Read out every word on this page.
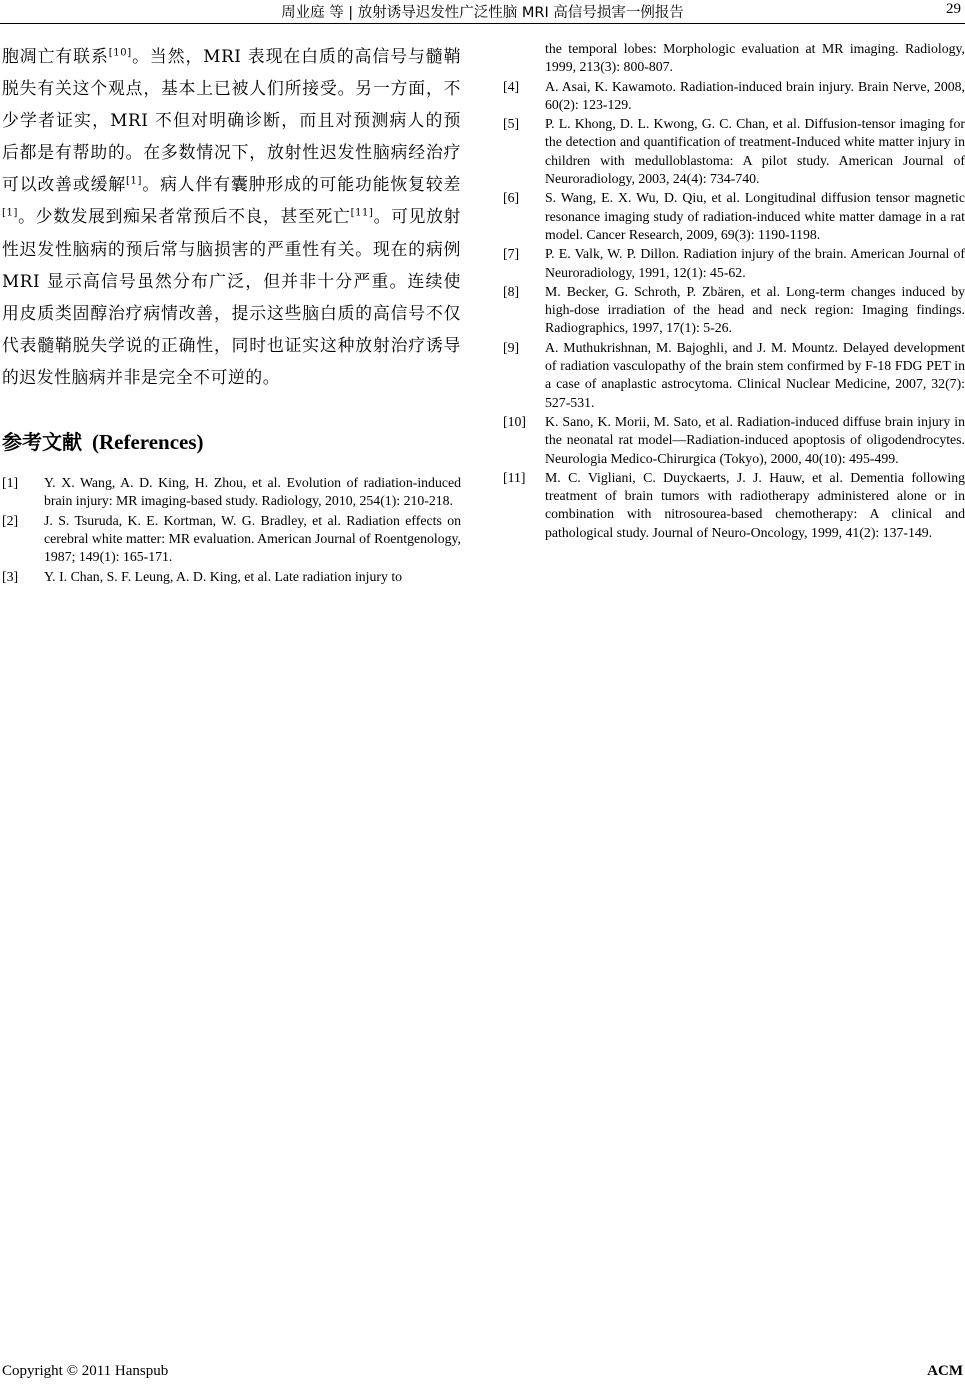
周业庭 等 | 放射诱导迟发性广泛性脑 MRI 高信号损害一例报告	29

胞凋亡有联系[10]。当然，MRI 表现在白质的高信号与髓鞘脱失有关这个观点，基本上已被人们所接受。另一方面，不少学者证实，MRI 不但对明确诊断，而且对预测病人的预后都是有帮助的。在多数情况下，放射性迟发性脑病经治疗可以改善或缓解[1]。病人伴有囊肿形成的可能功能恢复较差[1]。少数发展到痴呆者常预后不良，甚至死亡[11]。可见放射性迟发性脑病的预后常与脑损害的严重性有关。现在的病例 MRI 显示高信号虽然分布广泛，但并非十分严重。连续使用皮质类固醇治疗病情改善，提示这些脑白质的高信号不仅代表髓鞘脱失学说的正确性，同时也证实这种放射治疗诱导的迟发性脑病并非是完全不可逆的。

参考文献 (References)
[1] Y. X. Wang, A. D. King, H. Zhou, et al. Evolution of radiation-induced brain injury: MR imaging-based study. Radiology, 2010, 254(1): 210-218.
[2] J. S. Tsuruda, K. E. Kortman, W. G. Bradley, et al. Radiation effects on cerebral white matter: MR evaluation. American Journal of Roentgenology, 1987; 149(1): 165-171.
[3] Y. I. Chan, S. F. Leung, A. D. King, et al. Late radiation injury to
the temporal lobes: Morphologic evaluation at MR imaging. Radiology, 1999, 213(3): 800-807.
[4] A. Asai, K. Kawamoto. Radiation-induced brain injury. Brain Nerve, 2008, 60(2): 123-129.
[5] P. L. Khong, D. L. Kwong, G. C. Chan, et al. Diffusion-tensor imaging for the detection and quantification of treatment-Induced white matter injury in children with medulloblastoma: A pilot study. American Journal of Neuroradiology, 2003, 24(4): 734-740.
[6] S. Wang, E. X. Wu, D. Qiu, et al. Longitudinal diffusion tensor magnetic resonance imaging study of radiation-induced white matter damage in a rat model. Cancer Research, 2009, 69(3): 1190-1198.
[7] P. E. Valk, W. P. Dillon. Radiation injury of the brain. American Journal of Neuroradiology, 1991, 12(1): 45-62.
[8] M. Becker, G. Schroth, P. Zbären, et al. Long-term changes induced by high-dose irradiation of the head and neck region: Imaging findings. Radiographics, 1997, 17(1): 5-26.
[9] A. Muthukrishnan, M. Bajoghli, and J. M. Mountz. Delayed development of radiation vasculopathy of the brain stem confirmed by F-18 FDG PET in a case of anaplastic astrocytoma. Clinical Nuclear Medicine, 2007, 32(7): 527-531.
[10] K. Sano, K. Morii, M. Sato, et al. Radiation-induced diffuse brain injury in the neonatal rat model—Radiation-induced apoptosis of oligodendrocytes. Neurologia Medico-Chirurgica (Tokyo), 2000, 40(10): 495-499.
[11] M. C. Vigliani, C. Duyckaerts, J. J. Hauw, et al. Dementia following treatment of brain tumors with radiotherapy administered alone or in combination with nitrosourea-based chemotherapy: A clinical and pathological study. Journal of Neuro-Oncology, 1999, 41(2): 137-149.
Copyright © 2011 Hanspub	ACM
